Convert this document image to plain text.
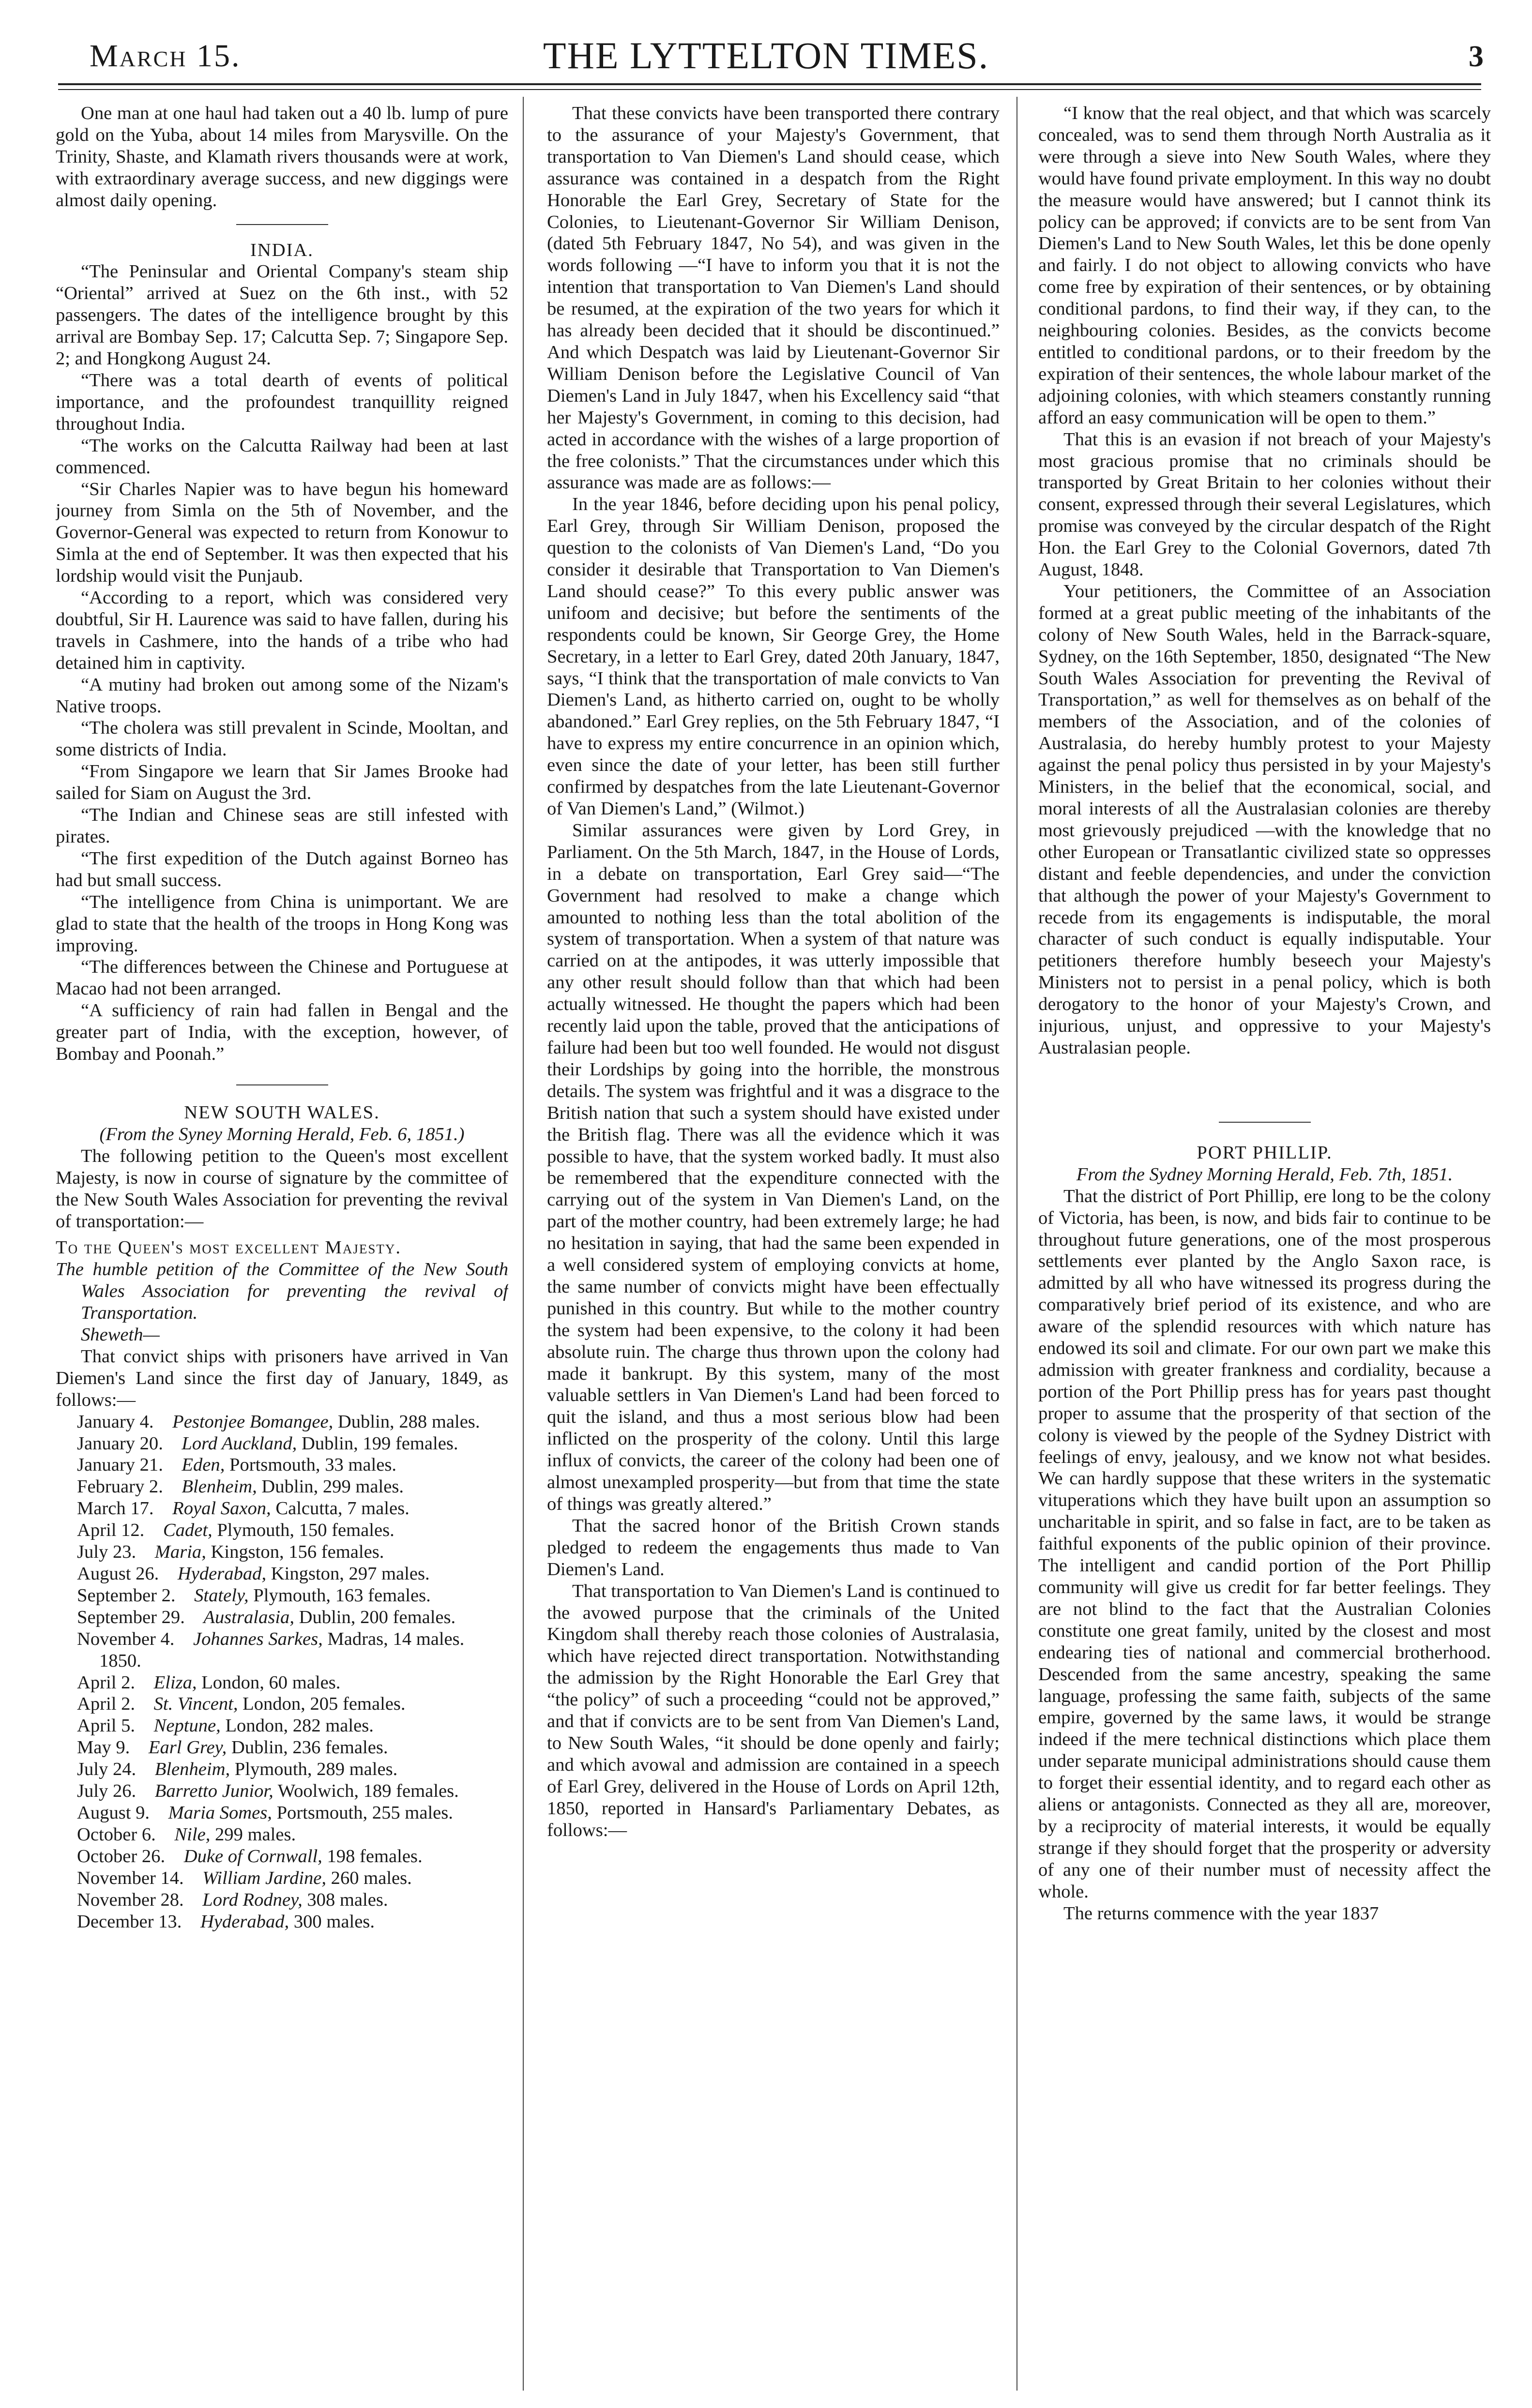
March 15.	THE LYTTELTON TIMES.	3

One man at one haul had taken out a 40 lb. lump of pure gold on the Yuba, about 14 miles from Marysville. On the Trinity, Shaste, and Klamath rivers thousands were at work, with extraordinary average success, and new diggings were almost daily opening.

INDIA.

“The Peninsular and Oriental Company's steam ship “Oriental” arrived at Suez on the 6th inst., with 52 passengers. The dates of the intelligence brought by this arrival are Bombay Sep. 17; Calcutta Sep. 7; Singapore Sep. 2; and Hongkong August 24.

“There was a total dearth of events of political importance, and the profoundest tranquillity reigned throughout India.

“The works on the Calcutta Railway had been at last commenced.

“Sir Charles Napier was to have begun his homeward journey from Simla on the 5th of November, and the Governor-General was expected to return from Konowur to Simla at the end of September. It was then expected that his lordship would visit the Punjaub.

“According to a report, which was considered very doubtful, Sir H. Laurence was said to have fallen, during his travels in Cashmere, into the hands of a tribe who had detained him in captivity.

“A mutiny had broken out among some of the Nizam's Native troops.

“The cholera was still prevalent in Scinde, Mooltan, and some districts of India.

“From Singapore we learn that Sir James Brooke had sailed for Siam on August the 3rd.

“The Indian and Chinese seas are still infested with pirates.

“The first expedition of the Dutch against Borneo has had but small success.

“The intelligence from China is unimportant. We are glad to state that the health of the troops in Hong Kong was improving.

“The differences between the Chinese and Portuguese at Macao had not been arranged.

“A sufficiency of rain had fallen in Bengal and the greater part of India, with the exception, however, of Bombay and Poonah.”

NEW SOUTH WALES.

(From the Syney Morning Herald, Feb. 6, 1851.)

The following petition to the Queen's most excellent Majesty, is now in course of signature by the committee of the New South Wales Association for preventing the revival of transportation:—

To the Queen's most excellent Majesty.

The humble petition of the Committee of the New South Wales Association for preventing the revival of Transportation.

Sheweth—

That convict ships with prisoners have arrived in Van Diemen's Land since the first day of January, 1849, as follows:—

January 4.  Pestonjee Bomangee, Dublin, 288 males.

January 20.  Lord Auckland, Dublin, 199 females.

January 21.  Eden, Portsmouth, 33 males.

February 2.  Blenheim, Dublin, 299 males.

March 17.  Royal Saxon, Calcutta, 7 males.

April 12.  Cadet, Plymouth, 150 females.

July 23.  Maria, Kingston, 156 females.

August 26.  Hyderabad, Kingston, 297 males.

September 2.  Stately, Plymouth, 163 females.

September 29.  Australasia, Dublin, 200 females.

November 4.  Johannes Sarkes, Madras, 14 males.

1850.

April 2.  Eliza, London, 60 males.

April 2.  St. Vincent, London, 205 females.

April 5.  Neptune, London, 282 males.

May 9.  Earl Grey, Dublin, 236 females.

July 24.  Blenheim, Plymouth, 289 males.

July 26.  Barretto Junior, Woolwich, 189 females.

August 9.  Maria Somes, Portsmouth, 255 males.

October 6.  Nile, 299 males.

October 26.  Duke of Cornwall, 198 females.

November 14.  William Jardine, 260 males.

November 28.  Lord Rodney, 308 males.

December 13.  Hyderabad, 300 males.

That these convicts have been transported there contrary to the assurance of your Majesty's Government, that transportation to Van Diemen's Land should cease, which assurance was contained in a despatch from the Right Honorable the Earl Grey, Secretary of State for the Colonies, to Lieutenant-Governor Sir William Denison, (dated 5th February 1847, No 54), and was given in the words following —“I have to inform you that it is not the intention that transportation to Van Diemen's Land should be resumed, at the expiration of the two years for which it has already been decided that it should be discontinued.” And which Despatch was laid by Lieutenant-Governor Sir William Denison before the Legislative Council of Van Diemen's Land in July 1847, when his Excellency said “that her Majesty's Government, in coming to this decision, had acted in accordance with the wishes of a large proportion of the free colonists.” That the circumstances under which this assurance was made are as follows:—

In the year 1846, before deciding upon his penal policy, Earl Grey, through Sir William Denison, proposed the question to the colonists of Van Diemen's Land, “Do you consider it desirable that Transportation to Van Diemen's Land should cease?” To this every public answer was unifoom and decisive; but before the sentiments of the respondents could be known, Sir George Grey, the Home Secretary, in a letter to Earl Grey, dated 20th January, 1847, says, “I think that the transportation of male convicts to Van Diemen's Land, as hitherto carried on, ought to be wholly abandoned.” Earl Grey replies, on the 5th February 1847, “I have to express my entire concurrence in an opinion which, even since the date of your letter, has been still further confirmed by despatches from the late Lieutenant-Governor of Van Diemen's Land,” (Wilmot.)

Similar assurances were given by Lord Grey, in Parliament. On the 5th March, 1847, in the House of Lords, in a debate on transportation, Earl Grey said—“The Government had resolved to make a change which amounted to nothing less than the total abolition of the system of transportation. When a system of that nature was carried on at the antipodes, it was utterly impossible that any other result should follow than that which had been actually witnessed. He thought the papers which had been recently laid upon the table, proved that the anticipations of failure had been but too well founded. He would not disgust their Lordships by going into the horrible, the monstrous details. The system was frightful and it was a disgrace to the British nation that such a system should have existed under the British flag. There was all the evidence which it was possible to have, that the system worked badly. It must also be remembered that the expenditure connected with the carrying out of the system in Van Diemen's Land, on the part of the mother country, had been extremely large; he had no hesitation in saying, that had the same been expended in a well considered system of employing convicts at home, the same number of convicts might have been effectually punished in this country. But while to the mother country the system had been expensive, to the colony it had been absolute ruin. The charge thus thrown upon the colony had made it bankrupt. By this system, many of the most valuable settlers in Van Diemen's Land had been forced to quit the island, and thus a most serious blow had been inflicted on the prosperity of the colony. Until this large influx of convicts, the career of the colony had been one of almost unexampled prosperity—but from that time the state of things was greatly altered.”

That the sacred honor of the British Crown stands pledged to redeem the engagements thus made to Van Diemen's Land.

That transportation to Van Diemen's Land is continued to the avowed purpose that the criminals of the United Kingdom shall thereby reach those colonies of Australasia, which have rejected direct transportation. Notwithstanding the admission by the Right Honorable the Earl Grey that “the policy” of such a proceeding “could not be approved,” and that if convicts are to be sent from Van Diemen's Land, to New South Wales, “it should be done openly and fairly; and which avowal and admission are contained in a speech of Earl Grey, delivered in the House of Lords on April 12th, 1850, reported in Hansard's Parliamentary Debates, as follows:—

“I know that the real object, and that which was scarcely concealed, was to send them through North Australia as it were through a sieve into New South Wales, where they would have found private employment. In this way no doubt the measure would have answered; but I cannot think its policy can be approved; if convicts are to be sent from Van Diemen's Land to New South Wales, let this be done openly and fairly. I do not object to allowing convicts who have come free by expiration of their sentences, or by obtaining conditional pardons, to find their way, if they can, to the neighbouring colonies. Besides, as the convicts become entitled to conditional pardons, or to their freedom by the expiration of their sentences, the whole labour market of the adjoining colonies, with which steamers constantly running afford an easy communication will be open to them.”

That this is an evasion if not breach of your Majesty's most gracious promise that no criminals should be transported by Great Britain to her colonies without their consent, expressed through their several Legislatures, which promise was conveyed by the circular despatch of the Right Hon. the Earl Grey to the Colonial Governors, dated 7th August, 1848.

Your petitioners, the Committee of an Association formed at a great public meeting of the inhabitants of the colony of New South Wales, held in the Barrack-square, Sydney, on the 16th September, 1850, designated “The New South Wales Association for preventing the Revival of Transportation,” as well for themselves as on behalf of the members of the Association, and of the colonies of Australasia, do hereby humbly protest to your Majesty against the penal policy thus persisted in by your Majesty's Ministers, in the belief that the economical, social, and moral interests of all the Australasian colonies are thereby most grievously prejudiced —with the knowledge that no other European or Transatlantic civilized state so oppresses distant and feeble dependencies, and under the conviction that although the power of your Majesty's Government to recede from its engagements is indisputable, the moral character of such conduct is equally indisputable. Your petitioners therefore humbly beseech your Majesty's Ministers not to persist in a penal policy, which is both derogatory to the honor of your Majesty's Crown, and injurious, unjust, and oppressive to your Majesty's Australasian people.

PORT PHILLIP.

From the Sydney Morning Herald, Feb. 7th, 1851.

That the district of Port Phillip, ere long to be the colony of Victoria, has been, is now, and bids fair to continue to be throughout future generations, one of the most prosperous settlements ever planted by the Anglo Saxon race, is admitted by all who have witnessed its progress during the comparatively brief period of its existence, and who are aware of the splendid resources with which nature has endowed its soil and climate. For our own part we make this admission with greater frankness and cordiality, because a portion of the Port Phillip press has for years past thought proper to assume that the prosperity of that section of the colony is viewed by the people of the Sydney District with feelings of envy, jealousy, and we know not what besides. We can hardly suppose that these writers in the systematic vituperations which they have built upon an assumption so uncharitable in spirit, and so false in fact, are to be taken as faithful exponents of the public opinion of their province. The intelligent and candid portion of the Port Phillip community will give us credit for far better feelings. They are not blind to the fact that the Australian Colonies constitute one great family, united by the closest and most endearing ties of national and commercial brotherhood. Descended from the same ancestry, speaking the same language, professing the same faith, subjects of the same empire, governed by the same laws, it would be strange indeed if the mere technical distinctions which place them under separate municipal administrations should cause them to forget their essential identity, and to regard each other as aliens or antagonists. Connected as they all are, moreover, by a reciprocity of material interests, it would be equally strange if they should forget that the prosperity or adversity of any one of their number must of necessity affect the whole.

The returns commence with the year 1837
